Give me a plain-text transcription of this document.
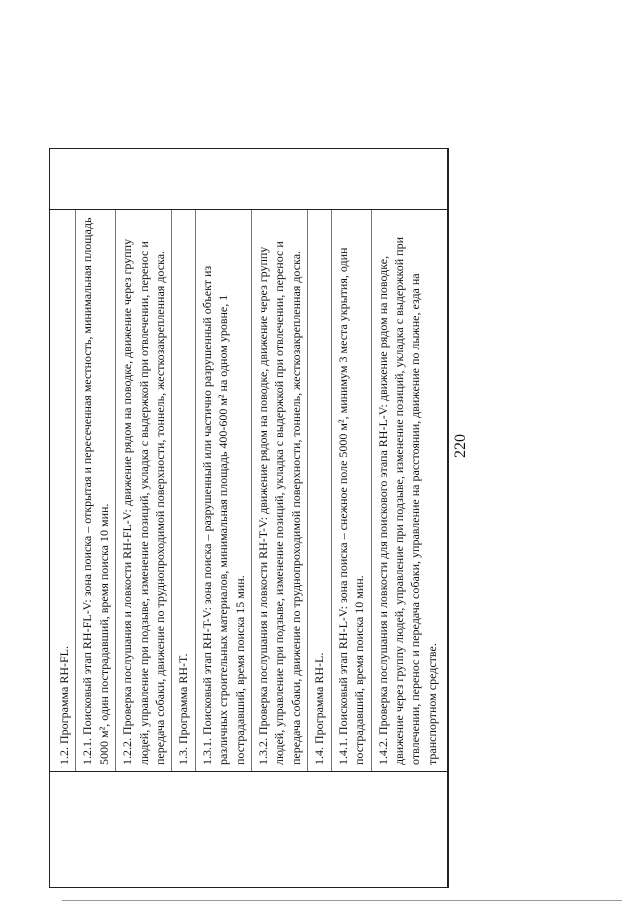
220

1.2. Программа RH-FL. 1.2.1. Поисковый этап RH-FL-V: зона поиска – открытая и пересеченная местность, минимальная площадь 5000 м², один пострадавший, время поиска 10 мин. 1.2.2. Проверка послушания и ловкости RH-FL-V: движение рядом на поводке, движение через группу людей, управление при подзыве, изменение позиций, укладка с выдержкой при отвлечении, перенос и передача собаки, движение по труднопроходимой поверхности, тоннель, жесткозакрепленная доска. 1.3. Программа RH-T. 1.3.1. Поисковый этап RH-T-V: зона поиска – разрушенный или частично разрушенный объект из различных строительных материалов, минимальная площадь 400-600 м² на одном уровне, 1 пострадавший, время поиска 15 мин. 1.3.2. Проверка послушания и ловкости RH-T-V: движение рядом на поводке, движение через группу людей, управление при подзыве, изменение позиций, укладка с выдержкой при отвлечении, перенос и передача собаки, движение по труднопроходимой поверхности, тоннель, жесткозакрепленная доска. 1.4. Программа RH-L. 1.4.1. Поисковый этап RH-L-V: зона поиска – снежное поле 5000 м², минимум 3 места укрытия, один пострадавший, время поиска 10 мин. 1.4.2. Проверка послушания и ловкости для поискового этапа RH-L-V: движение рядом на поводке, движение через группу людей, управление при подзыве, изменение позиций, укладка с выдержкой при отвлечении, перенос и передача собаки, управление на расстоянии, движение по лыжне, езда на транспортном средстве.
